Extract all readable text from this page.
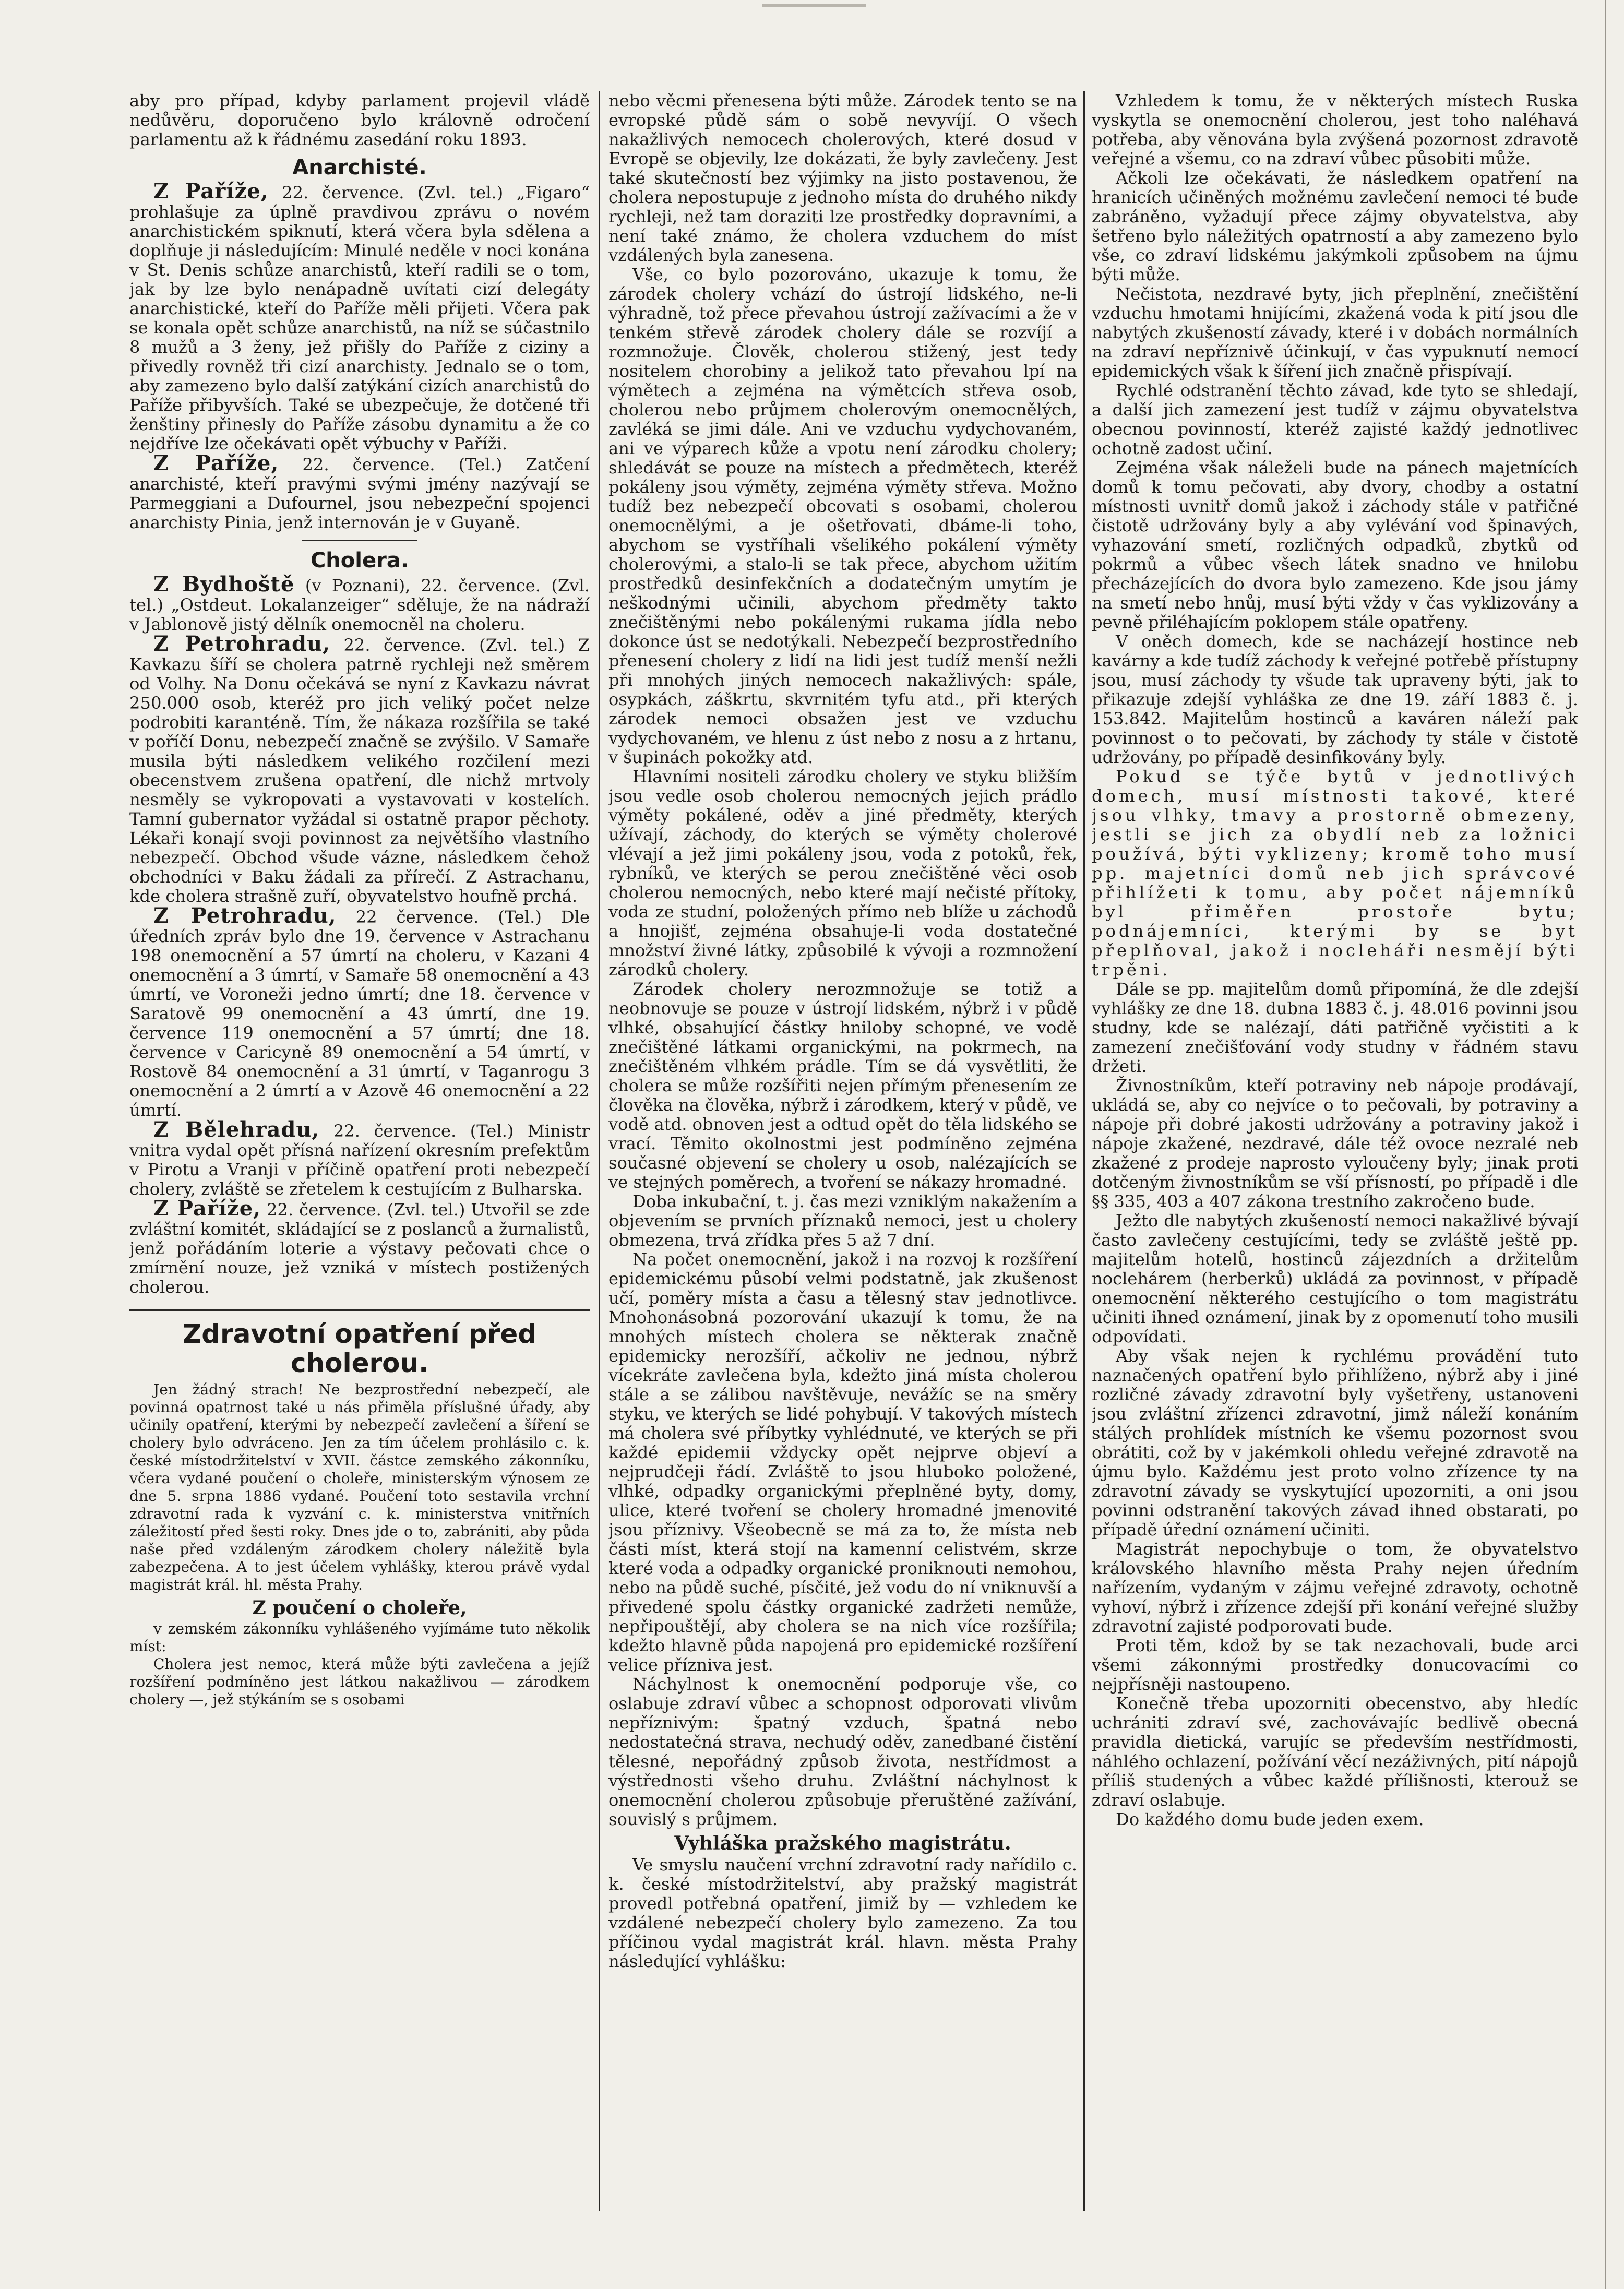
aby pro případ, kdyby parlament projevil vládě nedůvěru, doporučeno bylo královně odročení parlamentu až k řádnému zasedání roku 1893.

Anarchisté.

Z Paříže, 22. července. (Zvl. tel.) „Figaro“ prohlašuje za úplně pravdivou zprávu o novém anarchistickém spiknutí, která včera byla sdělena a doplňuje ji následujícím: Minulé neděle v noci konána v St. Denis schůze anarchistů, kteří radili se o tom, jak by lze bylo nenápadně uvítati cizí delegáty anarchistické, kteří do Paříže měli přijeti. Včera pak se konala opět schůze anarchistů, na níž se súčastnilo 8 mužů a 3 ženy, jež přišly do Paříže z ciziny a přivedly rovněž tři cizí anarchisty. Jednalo se o tom, aby zamezeno bylo další zatýkání cizích anarchistů do Paříže přibyvších. Také se ubezpečuje, že dotčené tři ženštiny přinesly do Paříže zásobu dynamitu a že co nejdříve lze očekávati opět výbuchy v Paříži.

Z Paříže, 22. července. (Tel.) Zatčení anarchisté, kteří pravými svými jmény nazývají se Parmeggiani a Dufournel, jsou nebezpeční spojenci anarchisty Pinia, jenž internován je v Guyaně.

Cholera.

Z Bydhoště (v Poznani), 22. července. (Zvl. tel.) „Ostdeut. Lokalanzeiger“ sděluje, že na nádraží v Jablonově jistý dělník onemocněl na choleru.

Z Petrohradu, 22. července. (Zvl. tel.) Z Kavkazu šíří se cholera patrně rychleji než směrem od Volhy. Na Donu očekává se nyní z Kavkazu návrat 250.000 osob, kteréž pro jich veliký počet nelze podrobiti karanténě. Tím, že nákaza rozšířila se také v poříčí Donu, nebezpečí značně se zvýšilo. V Samaře musila býti následkem velikého rozčilení mezi obecenstvem zrušena opatření, dle nichž mrtvoly nesměly se vykropovati a vystavovati v kostelích. Tamní gubernator vyžádal si ostatně prapor pěchoty. Lékaři konají svoji povinnost za největšího vlastního nebezpečí. Obchod všude vázne, následkem čehož obchodníci v Baku žádali za přírečí. Z Astrachanu, kde cholera strašně zuří, obyvatelstvo houfně prchá.

Z Petrohradu, 22 července. (Tel.) Dle úředních zpráv bylo dne 19. července v Astrachanu 198 onemocnění a 57 úmrtí na choleru, v Kazani 4 onemocnění a 3 úmrtí, v Samaře 58 onemocnění a 43 úmrtí, ve Voroneži jedno úmrtí; dne 18. července v Saratově 99 onemocnění a 43 úmrtí, dne 19. července 119 onemocnění a 57 úmrtí; dne 18. července v Caricyně 89 onemocnění a 54 úmrtí, v Rostově 84 onemocnění a 31 úmrtí, v Taganrogu 3 onemocnění a 2 úmrtí a v Azově 46 onemocnění a 22 úmrtí.

Z Bělehradu, 22. července. (Tel.) Ministr vnitra vydal opět přísná nařízení okresním prefektům v Pirotu a Vranji v příčině opatření proti nebezpečí cholery, zvláště se zřetelem k cestujícím z Bulharska.

Z Paříže, 22. července. (Zvl. tel.) Utvořil se zde zvláštní komitét, skládající se z poslanců a žurnalistů, jenž pořádáním loterie a výstavy pečovati chce o zmírnění nouze, jež vzniká v místech postižených cholerou.

Zdravotní opatření před cholerou.

Jen žádný strach! Ne bezprostřední nebezpečí, ale povinná opatrnost také u nás přiměla příslušné úřady, aby učinily opatření, kterými by nebezpečí zavlečení a šíření se cholery bylo odvráceno. Jen za tím účelem prohlásilo c. k. české místodržitelství v XVII. částce zemského zákonníku, včera vydané poučení o choleře, ministerským výnosem ze dne 5. srpna 1886 vydané. Poučení toto sestavila vrchní zdravotní rada k vyzvání c. k. ministerstva vnitřních záležitostí před šesti roky. Dnes jde o to, zabrániti, aby půda naše před vzdáleným zárodkem cholery náležitě byla zabezpečena. A to jest účelem vyhlášky, kterou právě vydal magistrát král. hl. města Prahy.

Z poučení o choleře,

v zemském zákonníku vyhlášeného vyjímáme tuto několik míst:

Cholera jest nemoc, která může býti zavlečena a jejíž rozšíření podmíněno jest látkou nakažlivou — zárodkem cholery —, jež stýkáním se s osobami

nebo věcmi přenesena býti může. Zárodek tento se na evropské půdě sám o sobě nevyvíjí. O všech nakažlivých nemocech cholerových, které dosud v Evropě se objevily, lze dokázati, že byly zavlečeny. Jest také skutečností bez výjimky na jisto postavenou, že cholera nepostupuje z jednoho místa do druhého nikdy rychleji, než tam doraziti lze prostředky dopravními, a není také známo, že cholera vzduchem do míst vzdálených byla zanesena.

Vše, co bylo pozorováno, ukazuje k tomu, že zárodek cholery vchází do ústrojí lidského, ne-li výhradně, tož přece převahou ústrojí zažívacími a že v tenkém střevě zárodek cholery dále se rozvíjí a rozmnožuje. Člověk, cholerou stižený, jest tedy nositelem chorobiny a jelikož tato převahou lpí na výmětech a zejména na výmětcích střeva osob, cholerou nebo průjmem cholerovým onemocnělých, zavléká se jimi dále. Ani ve vzduchu vydychovaném, ani ve výparech kůže a vpotu není zárodku cholery; shledávát se pouze na místech a předmětech, kteréž pokáleny jsou výměty, zejména výměty střeva. Možno tudíž bez nebezpečí obcovati s osobami, cholerou onemocnělými, a je ošetřovati, dbáme-li toho, abychom se vystříhali všelikého pokálení výměty cholerovými, a stalo-li se tak přece, abychom užitím prostředků desinfekčních a dodatečným umytím je neškodnými učinili, abychom předměty takto znečištěnými nebo pokálenými rukama jídla nebo dokonce úst se nedotýkali. Nebezpečí bezprostředního přenesení cholery z lidí na lidi jest tudíž menší nežli při mnohých jiných nemocech nakažlivých: spále, osypkách, záškrtu, skvrnitém tyfu atd., při kterých zárodek nemoci obsažen jest ve vzduchu vydychovaném, ve hlenu z úst nebo z nosu a z hrtanu, v šupinách pokožky atd.

Hlavními nositeli zárodku cholery ve styku bližším jsou vedle osob cholerou nemocných jejich prádlo výměty pokálené, oděv a jiné předměty, kterých užívají, záchody, do kterých se výměty cholerové vlévají a jež jimi pokáleny jsou, voda z potoků, řek, rybníků, ve kterých se perou znečištěné věci osob cholerou nemocných, nebo které mají nečisté přítoky, voda ze studní, položených přímo neb blíže u záchodů a hnojišť, zejména obsahuje-li voda dostatečné množství živné látky, způsobilé k vývoji a rozmnožení zárodků cholery.

Zárodek cholery nerozmnožuje se totiž a neobnovuje se pouze v ústrojí lidském, nýbrž i v půdě vlhké, obsahující částky hniloby schopné, ve vodě znečištěné látkami organickými, na pokrmech, na znečištěném vlhkém prádle. Tím se dá vysvětliti, že cholera se může rozšířiti nejen přímým přenesením ze člověka na člověka, nýbrž i zárodkem, který v půdě, ve vodě atd. obnoven jest a odtud opět do těla lidského se vrací. Těmito okolnostmi jest podmíněno zejména současné objevení se cholery u osob, nalézajících se ve stejných poměrech, a tvoření se nákazy hromadné.

Doba inkubační, t. j. čas mezi vzniklým nakažením a objevením se prvních příznaků nemoci, jest u cholery obmezena, trvá zřídka přes 5 až 7 dní.

Na počet onemocnění, jakož i na rozvoj k rozšíření epidemickému působí velmi podstatně, jak zkušenost učí, poměry místa a času a tělesný stav jednotlivce. Mnohonásobná pozorování ukazují k tomu, že na mnohých místech cholera se některak značně epidemicky nerozšíří, ačkoliv ne jednou, nýbrž vícekráte zavlečena byla, kdežto jiná místa cholerou stále a se zálibou navštěvuje, nevážíc se na směry styku, ve kterých se lidé pohybují. V takových místech má cholera své příbytky vyhlédnuté, ve kterých se při každé epidemii vždycky opět nejprve objeví a nejprudčeji řádí. Zvláště to jsou hluboko položené, vlhké, odpadky organickými přeplněné byty, domy, ulice, které tvoření se cholery hromadné jmenovité jsou příznivy. Všeobecně se má za to, že místa neb části míst, která stojí na kamenní celistvém, skrze které voda a odpadky organické proniknouti nemohou, nebo na půdě suché, písčité, jež vodu do ní vniknuvší a přivedené spolu částky organické zadržeti nemůže, nepřipouštějí, aby cholera se na nich více rozšířila; kdežto hlavně půda napojená pro epidemické rozšíření velice přízniva jest.

Náchylnost k onemocnění podporuje vše, co oslabuje zdraví vůbec a schopnost odporovati vlivům nepříznivým: špatný vzduch, špatná nebo nedostatečná strava, nechudý oděv, zanedbané čistění tělesné, nepořádný způsob života, nestřídmost a výstřednosti všeho druhu. Zvláštní náchylnost k onemocnění cholerou způsobuje přeruštěné zažívání, souvislý s průjmem.

Vyhláška pražského magistrátu.

Ve smyslu naučení vrchní zdravotní rady nařídilo c. k. české místodržitelství, aby pražský magistrát provedl potřebná opatření, jimiž by — vzhledem ke vzdálené nebezpečí cholery bylo zamezeno. Za tou příčinou vydal magistrát král. hlavn. města Prahy následující vyhlášku:

Vzhledem k tomu, že v některých místech Ruska vyskytla se onemocnění cholerou, jest toho naléhavá potřeba, aby věnována byla zvýšená pozornost zdravotě veřejné a všemu, co na zdraví vůbec působiti může.

Ačkoli lze očekávati, že následkem opatření na hranicích učiněných možnému zavlečení nemoci té bude zabráněno, vyžadují přece zájmy obyvatelstva, aby šetřeno bylo náležitých opatrností a aby zamezeno bylo vše, co zdraví lidskému jakýmkoli způsobem na újmu býti může.

Nečistota, nezdravé byty, jich přeplnění, znečištění vzduchu hmotami hnijícími, zkažená voda k pití jsou dle nabytých zkušeností závady, které i v dobách normálních na zdraví nepříznivě účinkují, v čas vypuknutí nemocí epidemických však k šíření jich značně přispívají.

Rychlé odstranění těchto závad, kde tyto se shledají, a další jich zamezení jest tudíž v zájmu obyvatelstva obecnou povinností, kteréž zajisté každý jednotlivec ochotně zadost učiní.

Zejména však náleželi bude na pánech majetnících domů k tomu pečovati, aby dvory, chodby a ostatní místnosti uvnitř domů jakož i záchody stále v patřičné čistotě udržovány byly a aby vylévání vod špinavých, vyhazování smetí, rozličných odpadků, zbytků od pokrmů a vůbec všech látek snadno ve hnilobu přecházejících do dvora bylo zamezeno. Kde jsou jámy na smetí nebo hnůj, musí býti vždy v čas vyklizovány a pevně přiléhajícím poklopem stále opatřeny.

V oněch domech, kde se nacházejí hostince neb kavárny a kde tudíž záchody k veřejné potřebě přístupny jsou, musí záchody ty všude tak upraveny býti, jak to přikazuje zdejší vyhláška ze dne 19. září 1883 č. j. 153.842. Majitelům hostinců a kaváren náleží pak povinnost o to pečovati, by záchody ty stále v čistotě udržovány, po případě desinfikovány byly.

Pokud se týče bytů v jednotlivých domech, musí místnosti takové, které jsou vlhky, tmavy a prostorně obmezeny, jestli se jich za obydlí neb za ložnici používá, býti vyklizeny; kromě toho musí pp. majetníci domů neb jich správcové přihlížeti k tomu, aby počet nájemníků byl přiměřen prostoře bytu; podnájemníci, kterými by se byt přeplňoval, jakož i nocleháři nesmějí býti trpěni.

Dále se pp. majitelům domů připomíná, že dle zdejší vyhlášky ze dne 18. dubna 1883 č. j. 48.016 povinni jsou studny, kde se nalézají, dáti patřičně vyčistiti a k zamezení znečišťování vody studny v řádném stavu držeti.

Živnostníkům, kteří potraviny neb nápoje prodávají, ukládá se, aby co nejvíce o to pečovali, by potraviny a nápoje při dobré jakosti udržovány a potraviny jakož i nápoje zkažené, nezdravé, dále též ovoce nezralé neb zkažené z prodeje naprosto vyloučeny byly; jinak proti dotčeným živnostníkům se vší přísností, po případě i dle §§ 335, 403 a 407 zákona trestního zakročeno bude.

Ježto dle nabytých zkušeností nemoci nakažlivé bývají často zavlečeny cestujícími, tedy se zvláště ještě pp. majitelům hotelů, hostinců zájezdních a držitelům noclehárem (herberků) ukládá za povinnost, v případě onemocnění některého cestujícího o tom magistrátu učiniti ihned oznámení, jinak by z opomenutí toho musili odpovídati.

Aby však nejen k rychlému provádění tuto naznačených opatření bylo přihlíženo, nýbrž aby i jiné rozličné závady zdravotní byly vyšetřeny, ustanoveni jsou zvláštní zřízenci zdravotní, jimž náleží konáním stálých prohlídek místních ke všemu pozornost svou obrátiti, což by v jakémkoli ohledu veřejné zdravotě na újmu bylo. Každému jest proto volno zřízence ty na zdravotní závady se vyskytující upozorniti, a oni jsou povinni odstranění takových závad ihned obstarati, po případě úřední oznámení učiniti.

Magistrát nepochybuje o tom, že obyvatelstvo královského hlavního města Prahy nejen úředním nařízením, vydaným v zájmu veřejné zdravoty, ochotně vyhoví, nýbrž i zřízence zdejší při konání veřejné služby zdravotní zajisté podporovati bude.

Proti těm, kdož by se tak nezachovali, bude arci všemi zákonnými prostředky donucovacími co nejpřísněji nastoupeno.

Konečně třeba upozorniti obecenstvo, aby hledíc uchrániti zdraví své, zachovávajíc bedlivě obecná pravidla dietická, varujíc se především nestřídmosti, náhlého ochlazení, požívání věcí nezáživných, pití nápojů příliš studených a vůbec každé přílišnosti, kterouž se zdraví oslabuje.

Do každého domu bude jeden exem.
